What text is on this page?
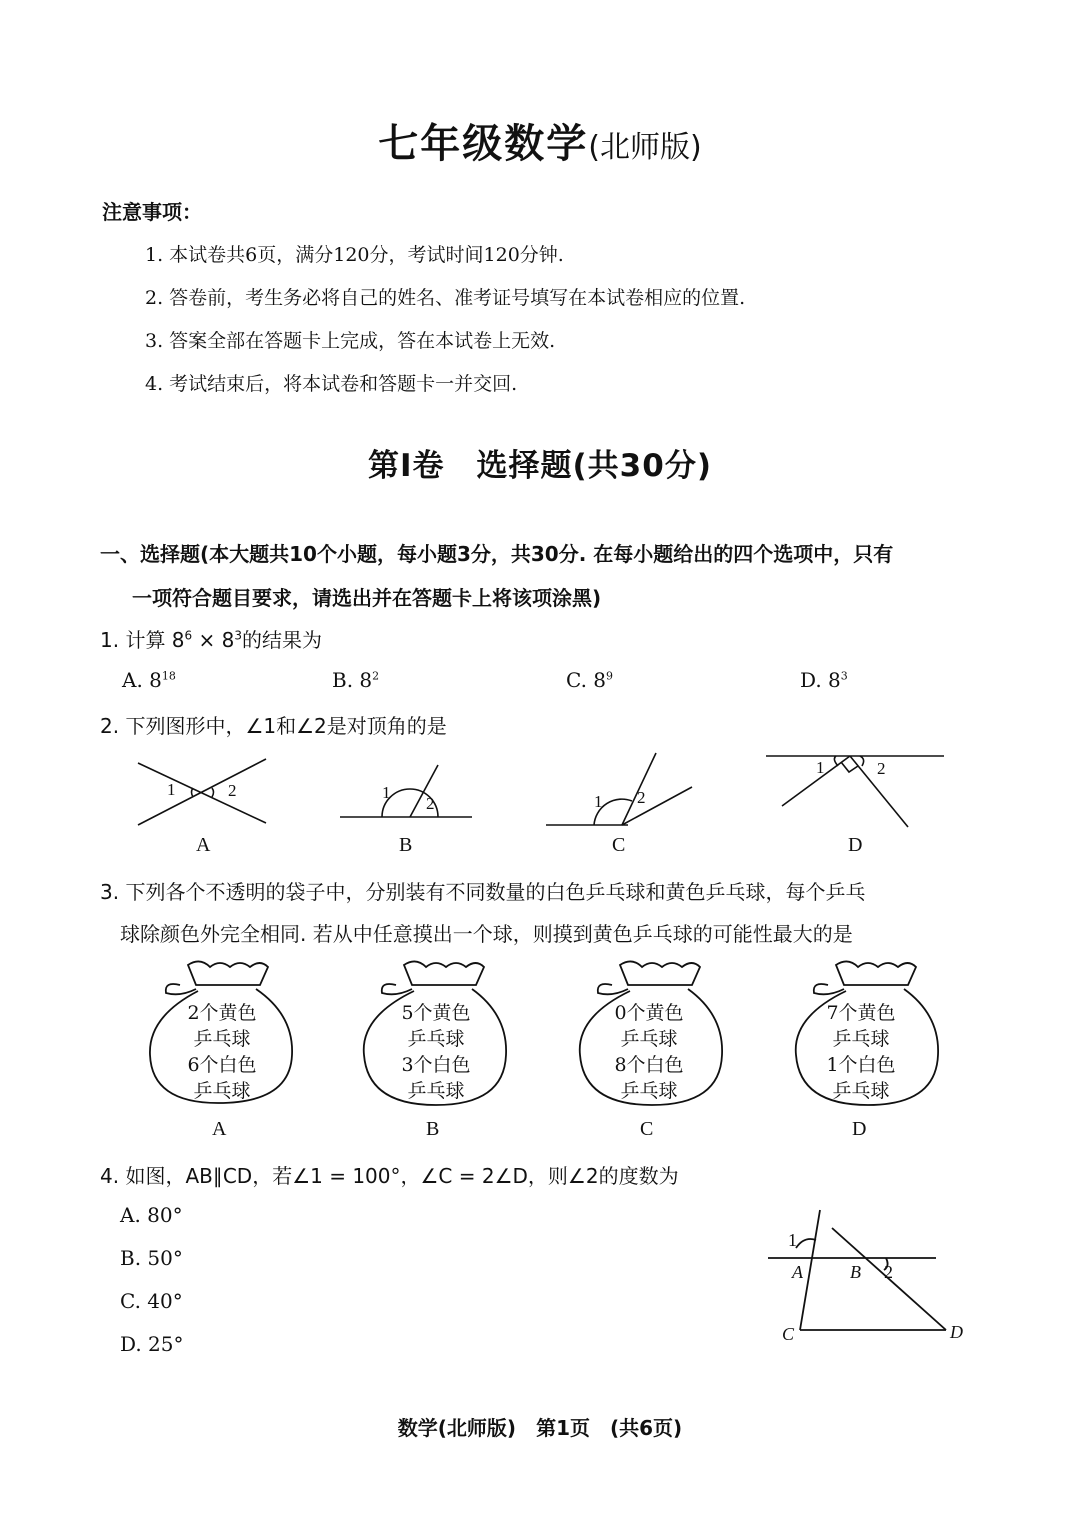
七年级数学(北师版)
注意事项：
1. 本试卷共6页，满分120分，考试时间120分钟.
2. 答卷前，考生务必将自己的姓名、准考证号填写在本试卷相应的位置.
3. 答案全部在答题卡上完成，答在本试卷上无效.
4. 考试结束后，将本试卷和答题卡一并交回.
第Ⅰ卷　选择题(共30分)
一、选择题(本大题共10个小题，每小题3分，共30分. 在每小题给出的四个选项中，只有
一项符合题目要求，请选出并在答题卡上将该项涂黑)
1. 计算 $8^6 \times 8^3$的结果为
A. $8^{18}$	B. $8^2$	C. $8^9$	D. $8^3$
2. 下列图形中，∠1和∠2是对顶角的是
1	2	1
2	1 2
1	2
A	B	C	D
3. 下列各个不透明的袋子中，分别装有不同数量的白色乒乓球和黄色乒乓球，每个乒乓
球除颜色外完全相同. 若从中任意摸出一个球，则摸到黄色乒乓球的可能性最大的是
2个黄色
乒乓球
6个白色
乒乓球
5个黄色
乒乓球
3个白色
乒乓球
0个黄色
乒乓球
8个白色
乒乓球
7个黄色
乒乓球
1个白色
乒乓球
A	B	C	D
4. 如图，AB∥CD，若∠1 = 100°，∠C = 2∠D，则∠2的度数为
A. 80°
B. 50°
C. 40°
D. 25°
1
A	B 2
C	D
数学(北师版)　第1页　(共6页)
